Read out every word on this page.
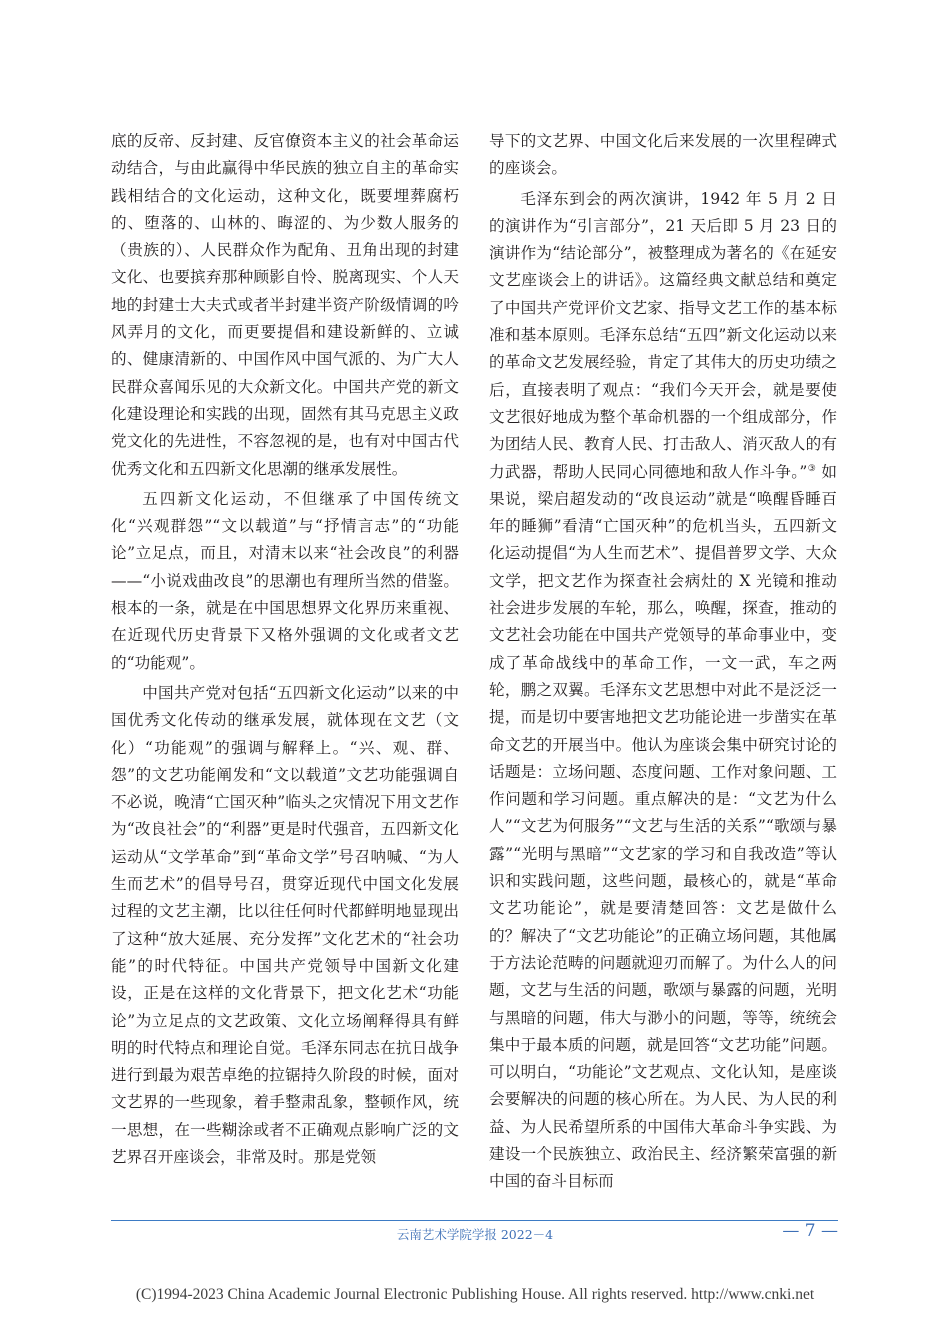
底的反帝、反封建、反官僚资本主义的社会革命运动结合，与由此赢得中华民族的独立自主的革命实践相结合的文化运动，这种文化，既要埋葬腐朽的、堕落的、山林的、晦涩的、为少数人服务的（贵族的）、人民群众作为配角、丑角出现的封建文化、也要摈弃那种顾影自怜、脱离现实、个人天地的封建士大夫式或者半封建半资产阶级情调的吟风弄月的文化，而更要提倡和建设新鲜的、立诚的、健康清新的、中国作风中国气派的、为广大人民群众喜闻乐见的大众新文化。中国共产党的新文化建设理论和实践的出现，固然有其马克思主义政党文化的先进性，不容忽视的是，也有对中国古代优秀文化和五四新文化思潮的继承发展性。

五四新文化运动，不但继承了中国传统文化“兴观群怨”“文以载道”与“抒情言志”的“功能论”立足点，而且，对清末以来“社会改良”的利器——“小说戏曲改良”的思潮也有理所当然的借鉴。根本的一条，就是在中国思想界文化界历来重视、在近现代历史背景下又格外强调的文化或者文艺的“功能观”。

中国共产党对包括“五四新文化运动”以来的中国优秀文化传动的继承发展，就体现在文艺（文化）“功能观”的强调与解释上。“兴、观、群、怨”的文艺功能阐发和“文以载道”文艺功能强调自不必说，晚清“亡国灭种”临头之灾情况下用文艺作为“改良社会”的“利器”更是时代强音，五四新文化运动从“文学革命”到“革命文学”号召呐喊、“为人生而艺术”的倡导号召，贯穿近现代中国文化发展过程的文艺主潮，比以往任何时代都鲜明地显现出了这种“放大延展、充分发挥”文化艺术的“社会功能”的时代特征。中国共产党领导中国新文化建设，正是在这样的文化背景下，把文化艺术“功能论”为立足点的文艺政策、文化立场阐释得具有鲜明的时代特点和理论自觉。毛泽东同志在抗日战争进行到最为艰苦卓绝的拉锯持久阶段的时候，面对文艺界的一些现象，着手整肃乱象，整顿作风，统一思想，在一些糊涂或者不正确观点影响广泛的文艺界召开座谈会，非常及时。那是党领

导下的文艺界、中国文化后来发展的一次里程碑式的座谈会。

毛泽东到会的两次演讲，1942 年 5 月 2 日的演讲作为“引言部分”，21 天后即 5 月 23 日的演讲作为“结论部分”，被整理成为著名的《在延安文艺座谈会上的讲话》。这篇经典文献总结和奠定了中国共产党评价文艺家、指导文艺工作的基本标准和基本原则。毛泽东总结“五四”新文化运动以来的革命文艺发展经验，肯定了其伟大的历史功绩之后，直接表明了观点：“我们今天开会，就是要使文艺很好地成为整个革命机器的一个组成部分，作为团结人民、教育人民、打击敌人、消灭敌人的有力武器，帮助人民同心同德地和敌人作斗争。”③ 如果说，梁启超发动的“改良运动”就是“唤醒昏睡百年的睡狮”看清“亡国灭种”的危机当头，五四新文化运动提倡“为人生而艺术”、提倡普罗文学、大众文学，把文艺作为探查社会病灶的 X 光镜和推动社会进步发展的车轮，那么，唤醒，探查，推动的文艺社会功能在中国共产党领导的革命事业中，变成了革命战线中的革命工作，一文一武，车之两轮，鹏之双翼。毛泽东文艺思想中对此不是泛泛一提，而是切中要害地把文艺功能论进一步凿实在革命文艺的开展当中。他认为座谈会集中研究讨论的话题是：立场问题、态度问题、工作对象问题、工作问题和学习问题。重点解决的是：“文艺为什么人”“文艺为何服务”“文艺与生活的关系”“歌颂与暴露”“光明与黑暗”“文艺家的学习和自我改造”等认识和实践问题，这些问题，最核心的，就是“革命文艺功能论”，就是要清楚回答：文艺是做什么的？解决了“文艺功能论”的正确立场问题，其他属于方法论范畴的问题就迎刃而解了。为什么人的问题，文艺与生活的问题，歌颂与暴露的问题，光明与黑暗的问题，伟大与渺小的问题，等等，统统会集中于最本质的问题，就是回答“文艺功能”问题。可以明白，“功能论”文艺观点、文化认知，是座谈会要解决的问题的核心所在。为人民、为人民的利益、为人民希望所系的中国伟大革命斗争实践、为建设一个民族独立、政治民主、经济繁荣富强的新中国的奋斗目标而

云南艺术学院学报 2022－4	— 7 —
(C)1994-2023 China Academic Journal Electronic Publishing House. All rights reserved. http://www.cnki.net
